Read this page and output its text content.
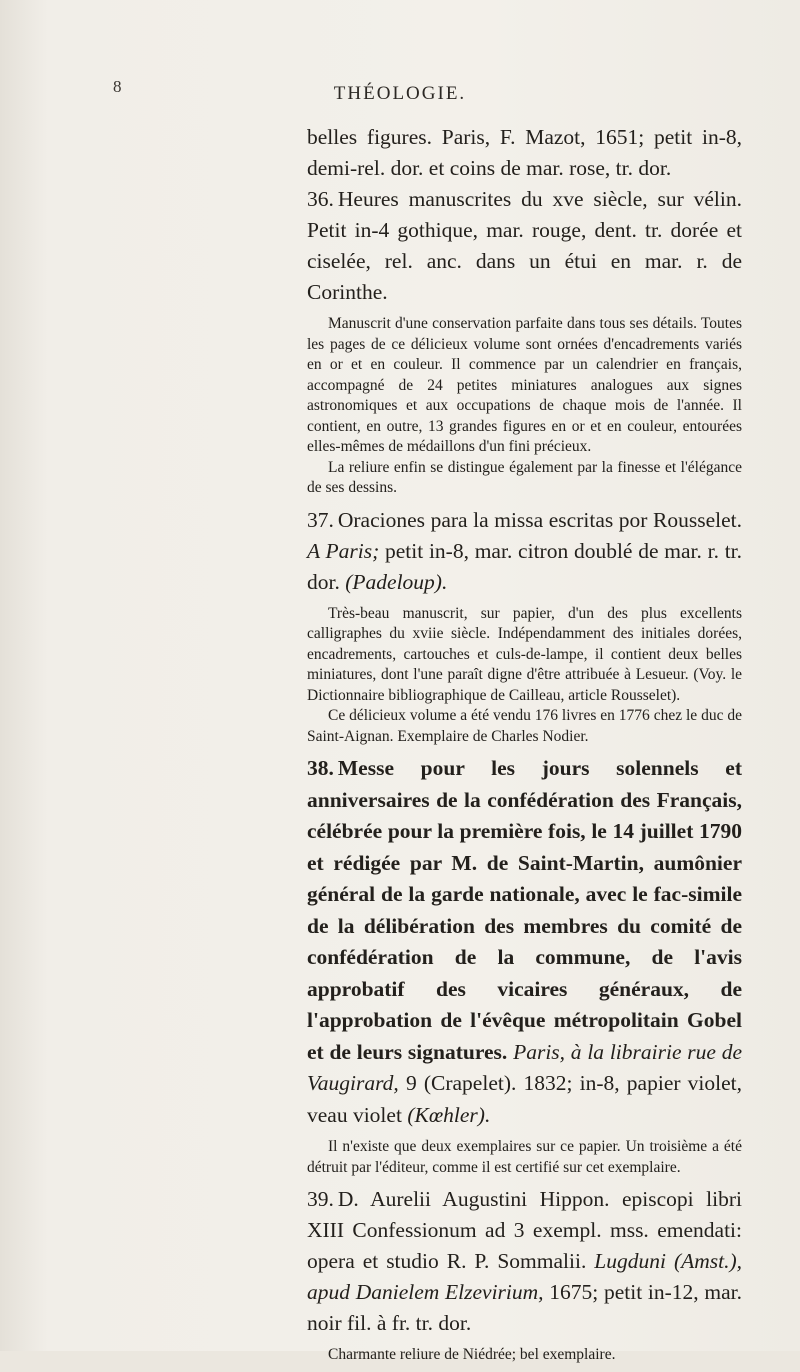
8	THÉOLOGIE.

belles figures. Paris, F. Mazot, 1651; petit in-8, demi-rel. dor. et coins de mar. rose, tr. dor.

36. Heures manuscrites du xve siècle, sur vélin. Petit in-4 gothique, mar. rouge, dent. tr. dorée et ciselée, rel. anc. dans un étui en mar. r. de Corinthe.

Manuscrit d'une conservation parfaite dans tous ses détails. Toutes les pages de ce délicieux volume sont ornées d'encadrements variés en or et en couleur. Il commence par un calendrier en français, accompagné de 24 petites miniatures analogues aux signes astronomiques et aux occupations de chaque mois de l'année. Il contient, en outre, 13 grandes figures en or et en couleur, entourées elles-mêmes de médaillons d'un fini précieux.

La reliure enfin se distingue également par la finesse et l'élégance de ses dessins.

37. Oraciones para la missa escritas por Rousselet. A Paris; petit in-8, mar. citron doublé de mar. r. tr. dor. (Padeloup).

Très-beau manuscrit, sur papier, d'un des plus excellents calligraphes du xviie siècle. Indépendamment des initiales dorées, encadrements, cartouches et culs-de-lampe, il contient deux belles miniatures, dont l'une paraît digne d'être attribuée à Lesueur. (Voy. le Dictionnaire bibliographique de Cailleau, article Rousselet).

Ce délicieux volume a été vendu 176 livres en 1776 chez le duc de Saint-Aignan. Exemplaire de Charles Nodier.

38. Messe pour les jours solennels et anniversaires de la confédération des Français, célébrée pour la première fois, le 14 juillet 1790 et rédigée par M. de Saint-Martin, aumônier général de la garde nationale, avec le fac-simile de la délibération des membres du comité de confédération de la commune, de l'avis approbatif des vicaires généraux, de l'approbation de l'évêque métropolitain Gobel et de leurs signatures. Paris, à la librairie rue de Vaugirard, 9 (Crapelet). 1832; in-8, papier violet, veau violet (Kœhler).

Il n'existe que deux exemplaires sur ce papier. Un troisième a été détruit par l'éditeur, comme il est certifié sur cet exemplaire.

39. D. Aurelii Augustini Hippon. episcopi libri XIII Confessionum ad 3 exempl. mss. emendati: opera et studio R. P. Sommalii. Lugduni (Amst.), apud Danielem Elzevirium, 1675; petit in-12, mar. noir fil. à fr. tr. dor.

Charmante reliure de Niédrée; bel exemplaire.
